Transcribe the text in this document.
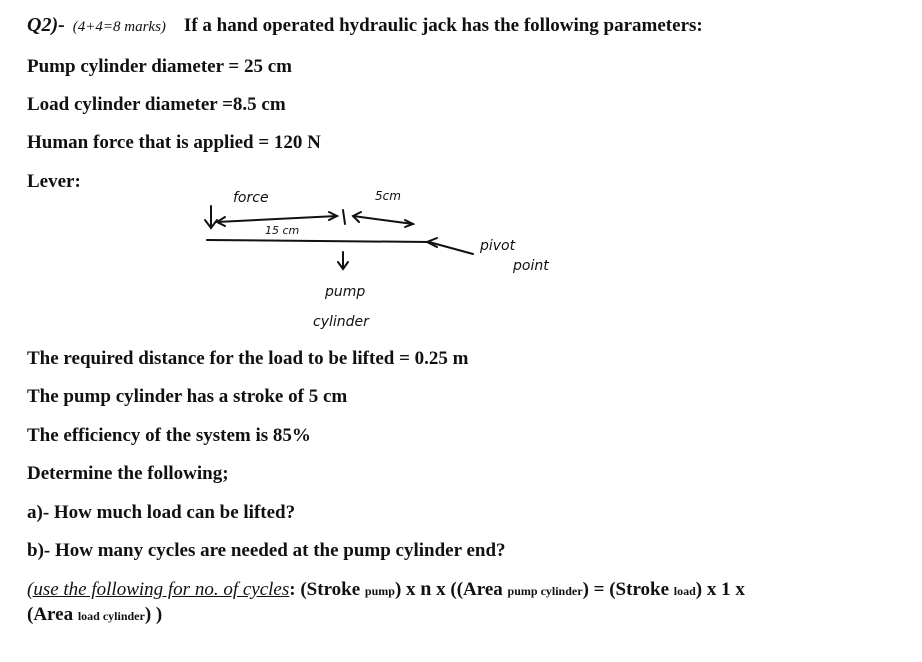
Q2)- (4+4=8 marks) If a hand operated hydraulic jack has the following parameters:
Pump cylinder diameter = 25 cm
Load cylinder diameter =8.5 cm
Human force that is applied = 120 N
Lever:
force	5cm
15 cm
pivot
point
pump
cylinder
The required distance for the load to be lifted = 0.25 m
The pump cylinder has a stroke of 5 cm
The efficiency of the system is 85%
Determine the following;
a)- How much load can be lifted?
b)- How many cycles are needed at the pump cylinder end?
(use the following for no. of cycles: (Stroke pump) x n x ((Area pump cylinder) = (Stroke load) x 1 x
(Area load cylinder) )
